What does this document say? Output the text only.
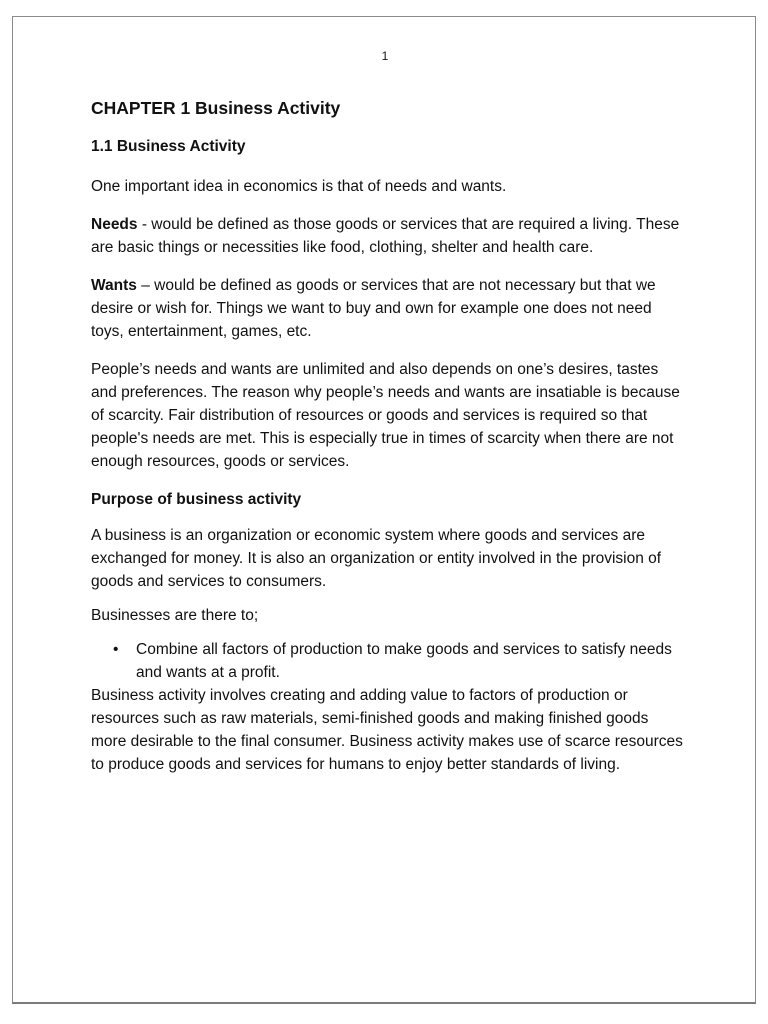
1
CHAPTER 1 Business Activity
1.1 Business Activity

One important idea in economics is that of needs and wants.

Needs - would be defined as those goods or services that are required a living. These are basic things or necessities like food, clothing, shelter and health care.

Wants – would be defined as goods or services that are not necessary but that we desire or wish for. Things we want to buy and own for example one does not need toys, entertainment, games, etc.

People’s needs and wants are unlimited and also depends on one’s desires, tastes and preferences. The reason why people’s needs and wants are insatiable is because of scarcity. Fair distribution of resources or goods and services is required so that people's needs are met. This is especially true in times of scarcity when there are not enough resources, goods or services.

Purpose of business activity

A business is an organization or economic system where goods and services are exchanged for money. It is also an organization or entity involved in the provision of goods and services to consumers.

Businesses are there to;

• Combine all factors of production to make goods and services to satisfy needs and wants at a profit.

Business activity involves creating and adding value to factors of production or resources such as raw materials, semi-finished goods and making finished goods more desirable to the final consumer. Business activity makes use of scarce resources to produce goods and services for humans to enjoy better standards of living.
